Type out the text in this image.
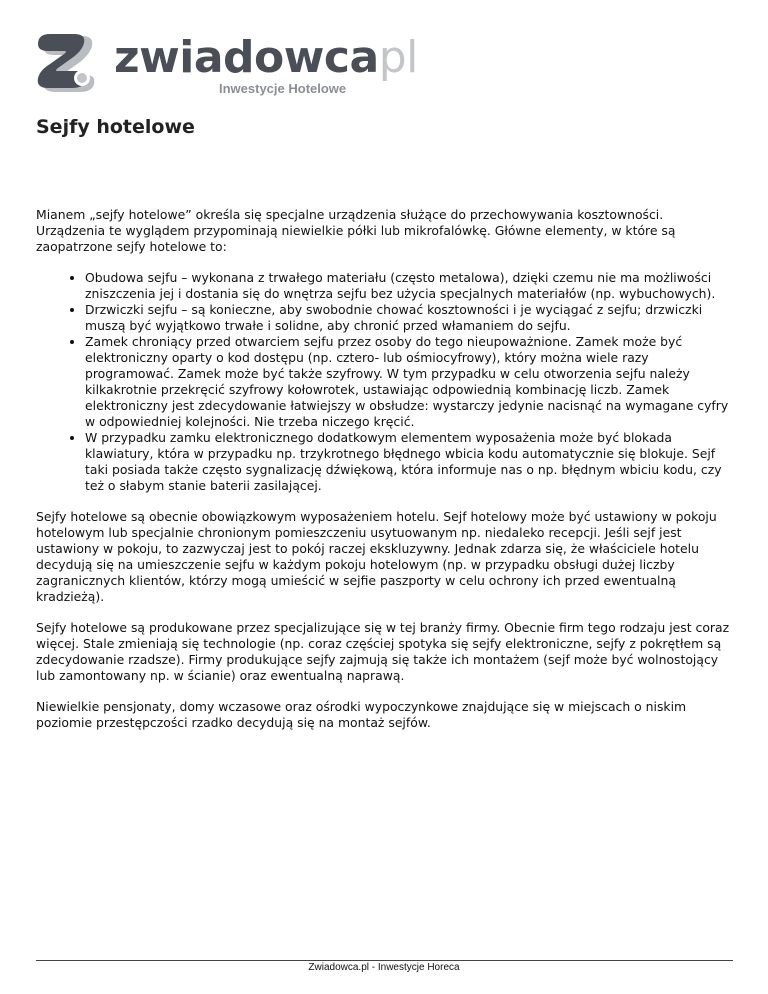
zwiadowcapl
Inwestycje Hotelowe
Sejfy hotelowe

Mianem „sejfy hotelowe” określa się specjalne urządzenia służące do przechowywania kosztowności. Urządzenia te wyglądem przypominają niewielkie półki lub mikrofalówkę. Główne elementy, w które są zaopatrzone sejfy hotelowe to:

• Obudowa sejfu – wykonana z trwałego materiału (często metalowa), dzięki czemu nie ma możliwości zniszczenia jej i dostania się do wnętrza sejfu bez użycia specjalnych materiałów (np. wybuchowych).
• Drzwiczki sejfu – są konieczne, aby swobodnie chować kosztowności i je wyciągać z sejfu; drzwiczki muszą być wyjątkowo trwałe i solidne, aby chronić przed włamaniem do sejfu.
• Zamek chroniący przed otwarciem sejfu przez osoby do tego nieupoważnione. Zamek może być elektroniczny oparty o kod dostępu (np. cztero- lub ośmiocyfrowy), który można wiele razy programować. Zamek może być także szyfrowy. W tym przypadku w celu otworzenia sejfu należy kilkakrotnie przekręcić szyfrowy kołowrotek, ustawiając odpowiednią kombinację liczb. Zamek elektroniczny jest zdecydowanie łatwiejszy w obsłudze: wystarczy jedynie nacisnąć na wymagane cyfry w odpowiedniej kolejności. Nie trzeba niczego kręcić.
• W przypadku zamku elektronicznego dodatkowym elementem wyposażenia może być blokada klawiatury, która w przypadku np. trzykrotnego błędnego wbicia kodu automatycznie się blokuje. Sejf taki posiada także często sygnalizację dźwiękową, która informuje nas o np. błędnym wbiciu kodu, czy też o słabym stanie baterii zasilającej.

Sejfy hotelowe są obecnie obowiązkowym wyposażeniem hotelu. Sejf hotelowy może być ustawiony w pokoju hotelowym lub specjalnie chronionym pomieszczeniu usytuowanym np. niedaleko recepcji. Jeśli sejf jest ustawiony w pokoju, to zazwyczaj jest to pokój raczej ekskluzywny. Jednak zdarza się, że właściciele hotelu decydują się na umieszczenie sejfu w każdym pokoju hotelowym (np. w przypadku obsługi dużej liczby zagranicznych klientów, którzy mogą umieścić w sejfie paszporty w celu ochrony ich przed ewentualną kradzieżą).

Sejfy hotelowe są produkowane przez specjalizujące się w tej branży firmy. Obecnie firm tego rodzaju jest coraz więcej. Stale zmieniają się technologie (np. coraz częściej spotyka się sejfy elektroniczne, sejfy z pokrętłem są zdecydowanie rzadsze). Firmy produkujące sejfy zajmują się także ich montażem (sejf może być wolnostojący lub zamontowany np. w ścianie) oraz ewentualną naprawą.

Niewielkie pensjonaty, domy wczasowe oraz ośrodki wypoczynkowe znajdujące się w miejscach o niskim poziomie przestępczości rzadko decydują się na montaż sejfów.

Zwiadowca.pl - Inwestycje Horeca
